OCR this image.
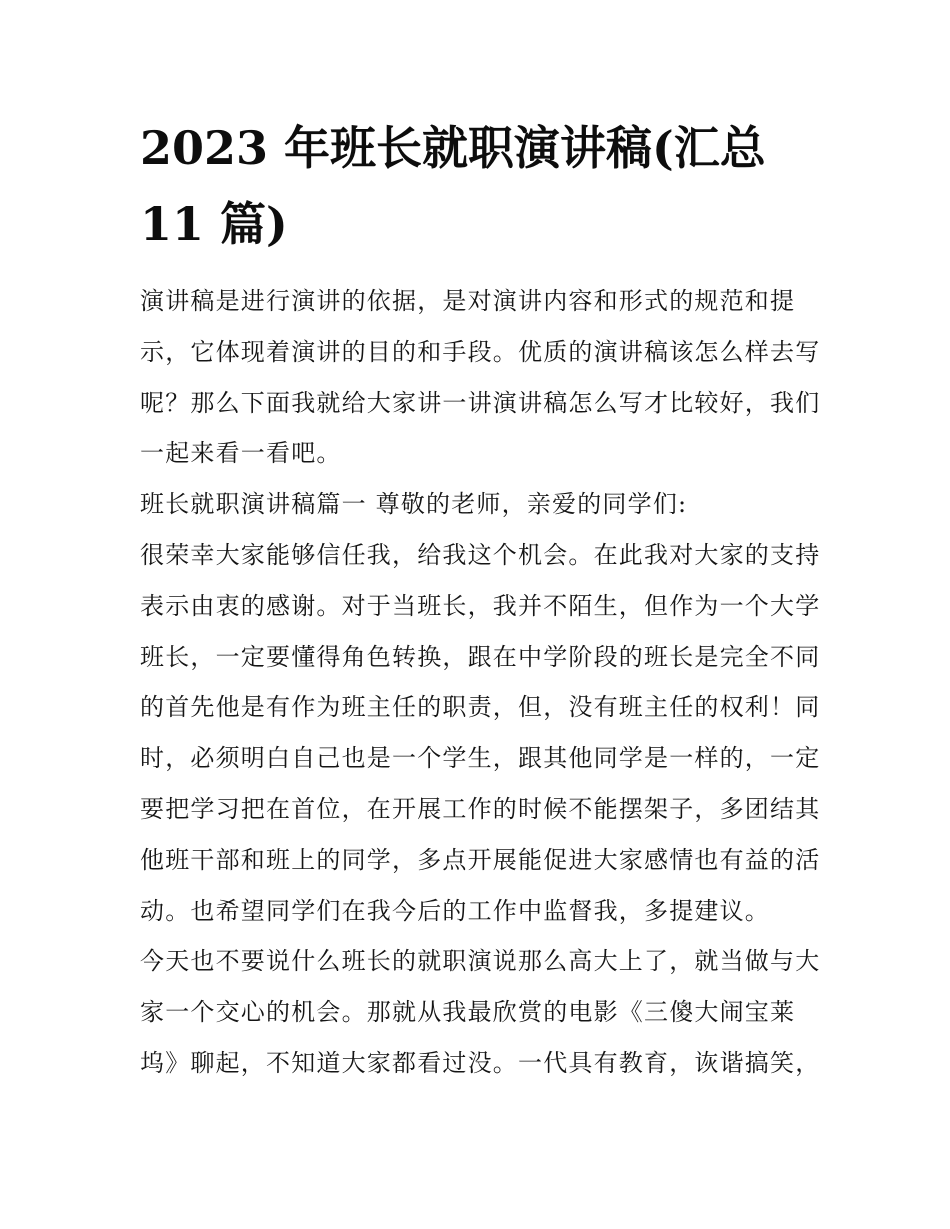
2023 年班长就职演讲稿(汇总
11 篇)

演讲稿是进行演讲的依据，是对演讲内容和形式的规范和提
示，它体现着演讲的目的和手段。优质的演讲稿该怎么样去写
呢？那么下面我就给大家讲一讲演讲稿怎么写才比较好，我们
一起来看一看吧。

班长就职演讲稿篇一 尊敬的老师，亲爱的同学们:

很荣幸大家能够信任我，给我这个机会。在此我对大家的支持
表示由衷的感谢。对于当班长，我并不陌生，但作为一个大学
班长，一定要懂得角色转换，跟在中学阶段的班长是完全不同
的首先他是有作为班主任的职责，但，没有班主任的权利！同
时，必须明白自己也是一个学生，跟其他同学是一样的，一定
要把学习把在首位，在开展工作的时候不能摆架子，多团结其
他班干部和班上的同学，多点开展能促进大家感情也有益的活
动。也希望同学们在我今后的工作中监督我，多提建议。

今天也不要说什么班长的就职演说那么高大上了，就当做与大
家一个交心的机会。那就从我最欣赏的电影《三傻大闹宝莱
坞》聊起，不知道大家都看过没。一代具有教育，诙谐搞笑，
